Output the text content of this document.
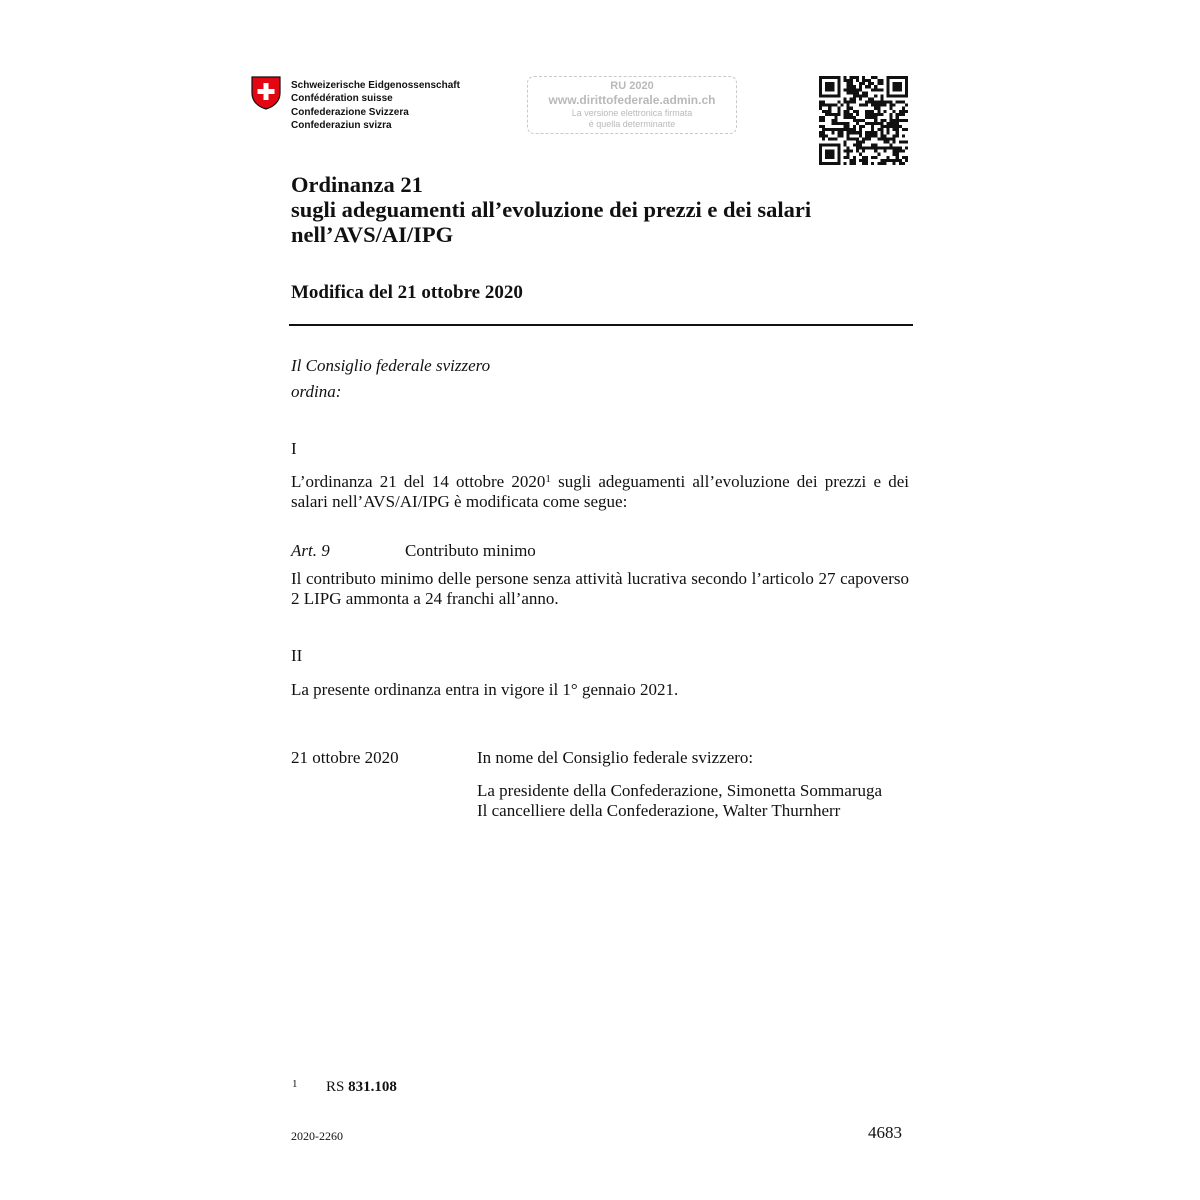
Schweizerische Eidgenossenschaft
Confédération suisse
Confederazione Svizzera
Confederaziun svizra
RU 2020
www.dirittofederale.admin.ch
La versione elettronica firmata
è quella determinante
Ordinanza 21
sugli adeguamenti all’evoluzione dei prezzi e dei salari
nell’AVS/AI/IPG
Modifica del 21 ottobre 2020
Il Consiglio federale svizzero
ordina:
I
L’ordinanza 21 del 14 ottobre 2020$^1$ sugli adeguamenti all’evoluzione dei prezzi e dei salari nell’AVS/AI/IPG è modificata come segue:
Art. 9	Contributo minimo
Il contributo minimo delle persone senza attività lucrativa secondo l’articolo 27 capoverso 2 LIPG ammonta a 24 franchi all’anno.
II
La presente ordinanza entra in vigore il 1° gennaio 2021.
21 ottobre 2020	In nome del Consiglio federale svizzero:
La presidente della Confederazione, Simonetta Sommaruga
Il cancelliere della Confederazione, Walter Thurnherr
1 RS 831.108
2020-2260	4683
